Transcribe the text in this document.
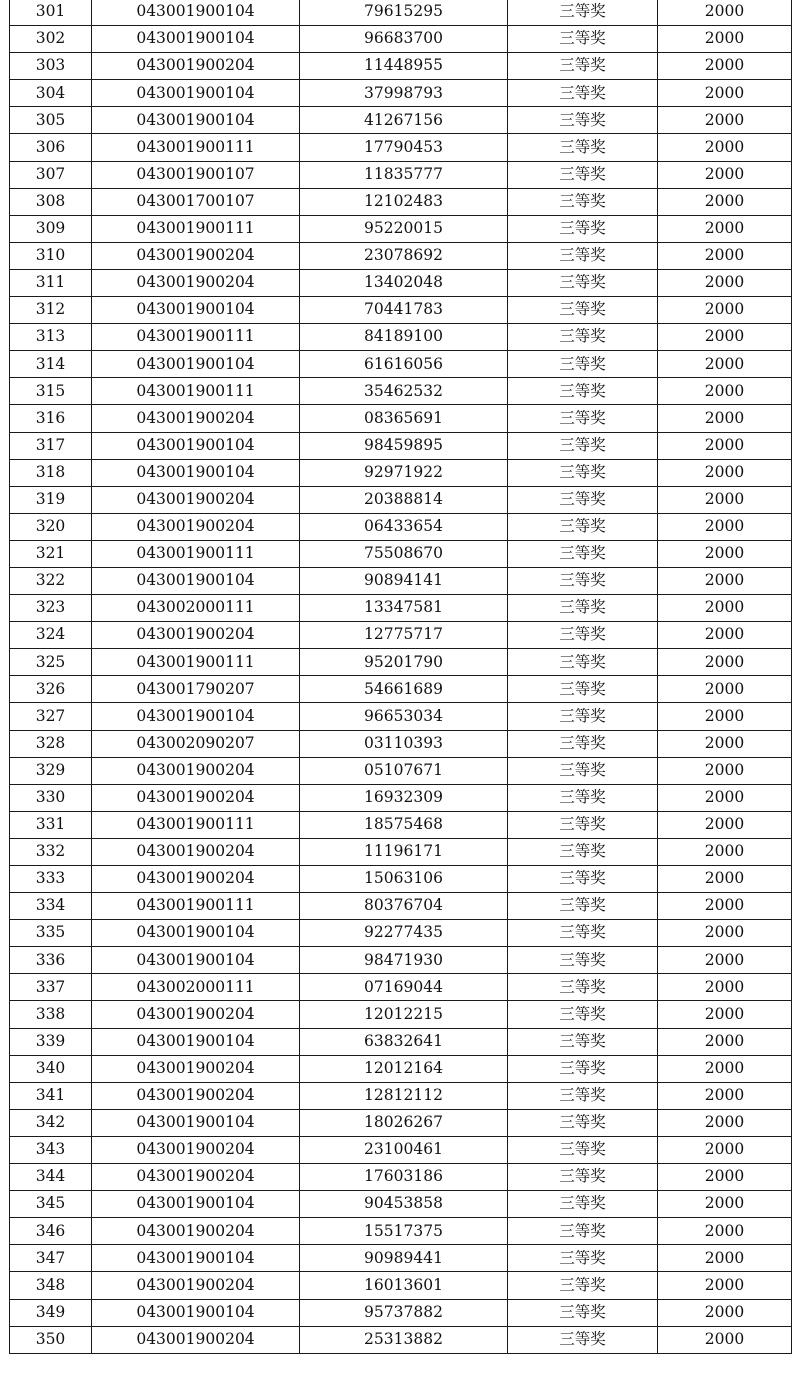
301	043001900104	79615295	三等奖	2000
302	043001900104	96683700	三等奖	2000
303	043001900204	11448955	三等奖	2000
304	043001900104	37998793	三等奖	2000
305	043001900104	41267156	三等奖	2000
306	043001900111	17790453	三等奖	2000
307	043001900107	11835777	三等奖	2000
308	043001700107	12102483	三等奖	2000
309	043001900111	95220015	三等奖	2000
310	043001900204	23078692	三等奖	2000
311	043001900204	13402048	三等奖	2000
312	043001900104	70441783	三等奖	2000
313	043001900111	84189100	三等奖	2000
314	043001900104	61616056	三等奖	2000
315	043001900111	35462532	三等奖	2000
316	043001900204	08365691	三等奖	2000
317	043001900104	98459895	三等奖	2000
318	043001900104	92971922	三等奖	2000
319	043001900204	20388814	三等奖	2000
320	043001900204	06433654	三等奖	2000
321	043001900111	75508670	三等奖	2000
322	043001900104	90894141	三等奖	2000
323	043002000111	13347581	三等奖	2000
324	043001900204	12775717	三等奖	2000
325	043001900111	95201790	三等奖	2000
326	043001790207	54661689	三等奖	2000
327	043001900104	96653034	三等奖	2000
328	043002090207	03110393	三等奖	2000
329	043001900204	05107671	三等奖	2000
330	043001900204	16932309	三等奖	2000
331	043001900111	18575468	三等奖	2000
332	043001900204	11196171	三等奖	2000
333	043001900204	15063106	三等奖	2000
334	043001900111	80376704	三等奖	2000
335	043001900104	92277435	三等奖	2000
336	043001900104	98471930	三等奖	2000
337	043002000111	07169044	三等奖	2000
338	043001900204	12012215	三等奖	2000
339	043001900104	63832641	三等奖	2000
340	043001900204	12012164	三等奖	2000
341	043001900204	12812112	三等奖	2000
342	043001900104	18026267	三等奖	2000
343	043001900204	23100461	三等奖	2000
344	043001900204	17603186	三等奖	2000
345	043001900104	90453858	三等奖	2000
346	043001900204	15517375	三等奖	2000
347	043001900104	90989441	三等奖	2000
348	043001900204	16013601	三等奖	2000
349	043001900104	95737882	三等奖	2000
350	043001900204	25313882	三等奖	2000
